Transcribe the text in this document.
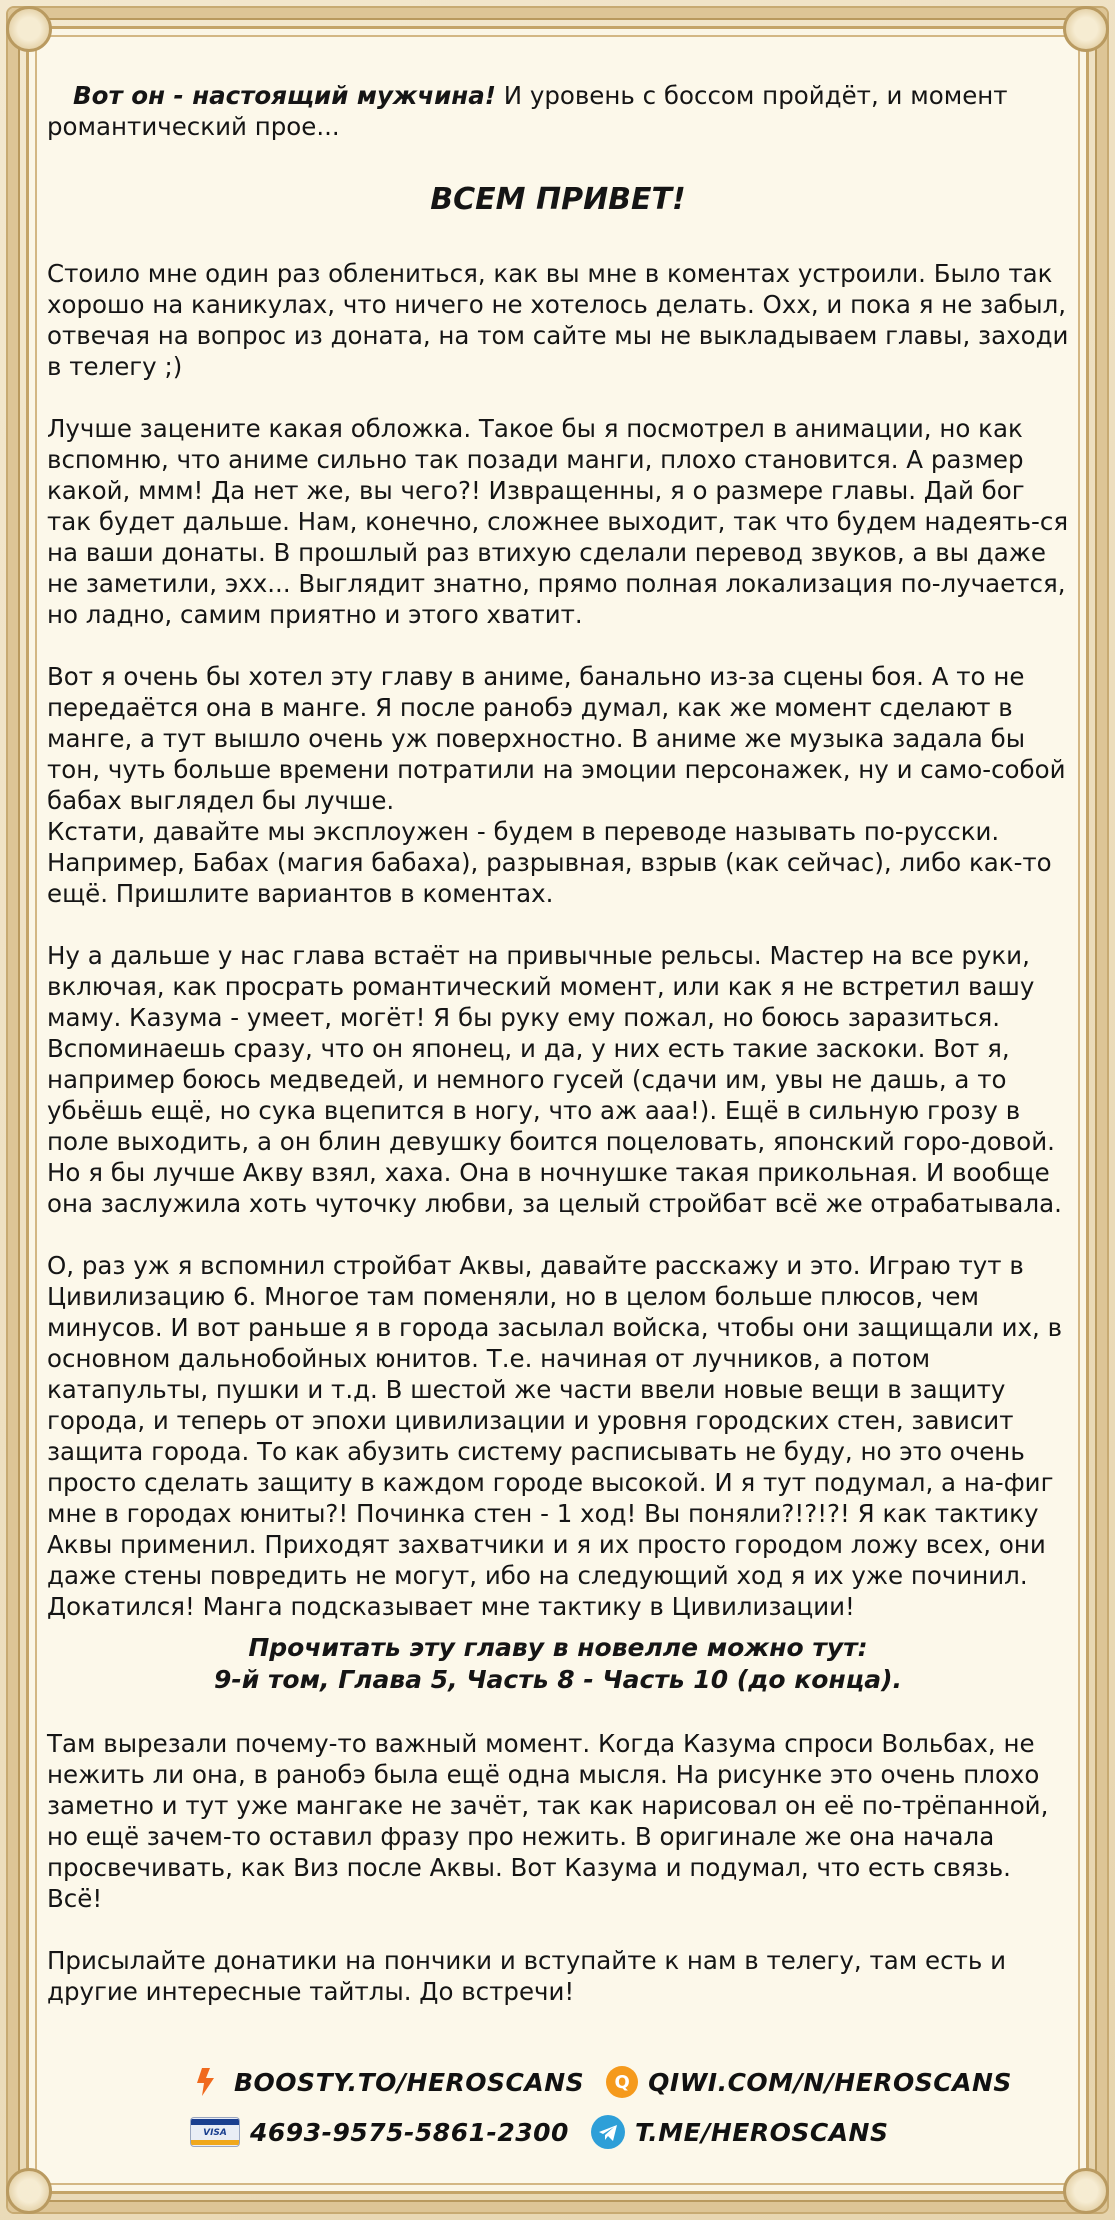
Вот он - настоящий мужчина! И уровень с боссом пройдёт, и момент романтический прое...

ВСЕМ ПРИВЕТ!

Стоило мне один раз облениться, как вы мне в коментах устроили. Было так хорошо на каникулах, что ничего не хотелось делать. Охх, и пока я не забыл, отвечая на вопрос из доната, на том сайте мы не выкладываем главы, заходи в телегу ;)

Лучше зацените какая обложка. Такое бы я посмотрел в анимации, но как вспомню, что аниме сильно так позади манги, плохо становится. А размер какой, ммм! Да нет же, вы чего?! Извращенны, я о размере главы. Дай бог так будет дальше. Нам, конечно, сложнее выходит, так что будем надеять-ся на ваши донаты. В прошлый раз втихую сделали перевод звуков, а вы даже не заметили, эхх... Выглядит знатно, прямо полная локализация по-лучается, но ладно, самим приятно и этого хватит.

Вот я очень бы хотел эту главу в аниме, банально из-за сцены боя. А то не передаётся она в манге. Я после ранобэ думал, как же момент сделают в манге, а тут вышло очень уж поверхностно. В аниме же музыка задала бы тон, чуть больше времени потратили на эмоции персонажек, ну и само-собой бабах выглядел бы лучше.

Кстати, давайте мы эксплоужен - будем в переводе называть по-русски. Например, Бабах (магия бабаха), разрывная, взрыв (как сейчас), либо как-то ещё. Пришлите вариантов в коментах.

Ну а дальше у нас глава встаёт на привычные рельсы. Мастер на все руки, включая, как просрать романтический момент, или как я не встретил вашу маму. Казума - умеет, могёт! Я бы руку ему пожал, но боюсь заразиться. Вспоминаешь сразу, что он японец, и да, у них есть такие заскоки. Вот я, например боюсь медведей, и немного гусей (сдачи им, увы не дашь, а то убьёшь ещё, но сука вцепится в ногу, что аж ааа!). Ещё в сильную грозу в поле выходить, а он блин девушку боится поцеловать, японский горо-довой. Но я бы лучше Акву взял, хаха. Она в ночнушке такая прикольная. И вообще она заслужила хоть чуточку любви, за целый стройбат всё же отрабатывала.

О, раз уж я вспомнил стройбат Аквы, давайте расскажу и это. Играю тут в Цивилизацию 6. Многое там поменяли, но в целом больше плюсов, чем минусов. И вот раньше я в города засылал войска, чтобы они защищали их, в основном дальнобойных юнитов. Т.е. начиная от лучников, а потом катапульты, пушки и т.д. В шестой же части ввели новые вещи в защиту города, и теперь от эпохи цивилизации и уровня городских стен, зависит защита города. То как абузить систему расписывать не буду, но это очень просто сделать защиту в каждом городе высокой. И я тут подумал, а на-фиг мне в городах юниты?! Починка стен - 1 ход! Вы поняли?!?!?! Я как тактику Аквы применил. Приходят захватчики и я их просто городом ложу всех, они даже стены повредить не могут, ибо на следующий ход я их уже починил. Докатился! Манга подсказывает мне тактику в Цивилизации!

Прочитать эту главу в новелле можно тут:
9-й том, Глава 5, Часть 8 - Часть 10 (до конца).

Там вырезали почему-то важный момент. Когда Казума спроси Вольбах, не нежить ли она, в ранобэ была ещё одна мысля. На рисунке это очень плохо заметно и тут уже мангаке не зачёт, так как нарисовал он её по-трёпанной, но ещё зачем-то оставил фразу про нежить. В оригинале же она начала просвечивать, как Виз после Аквы. Вот Казума и подумал, что есть связь. Всё!

Присылайте донатики на пончики и вступайте к нам в телегу, там есть и другие интересные тайтлы. До встречи!

BOOSTY.TO/HEROSCANS	Q QIWI.COM/N/HEROSCANS
VISA 4693-9575-5861-2300	T.ME/HEROSCANS
